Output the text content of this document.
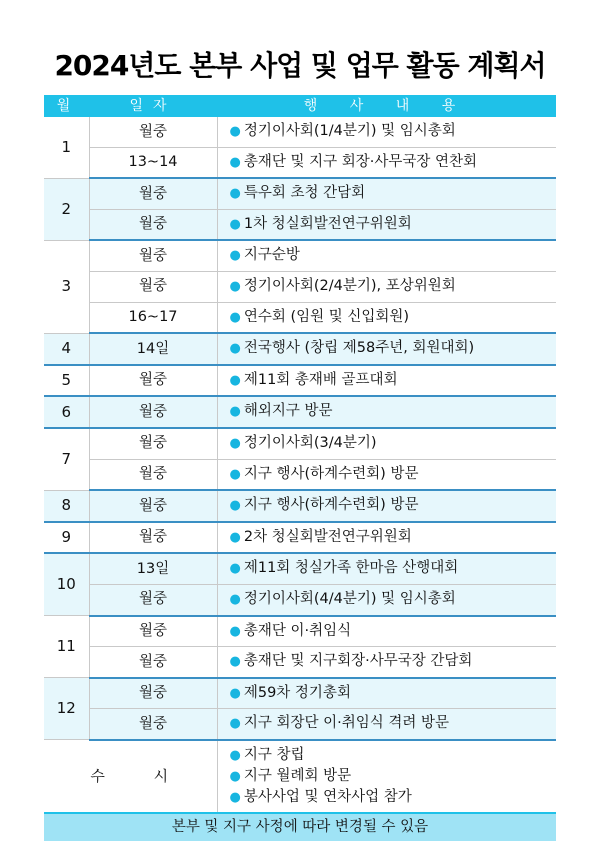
2024년도 본부 사업 및 업무 활동 계획서
월	일자	행 사 내 용
1	월중	● 정기이사회(1/4분기) 및 임시총회
	13~14	● 총재단 및 지구 회장·사무국장 연찬회
2	월중	● 특우회 초청 간담회
	월중	● 1차 청실회발전연구위원회
3	월중	● 지구순방
	월중	● 정기이사회(2/4분기), 포상위원회
	16~17	● 연수회 (임원 및 신입회원)
4	14일	● 전국행사 (창립 제58주년, 회원대회)
5	월중	● 제11회 총재배 골프대회
6	월중	● 해외지구 방문
7	월중	● 정기이사회(3/4분기)
	월중	● 지구 행사(하계수련회) 방문
8	월중	● 지구 행사(하계수련회) 방문
9	월중	● 2차 청실회발전연구위원회
10	13일	● 제11회 청실가족 한마음 산행대회
	월중	● 정기이사회(4/4분기) 및 임시총회
11	월중	● 총재단 이·취임식
	월중	● 총재단 및 지구회장·사무국장 간담회
12	월중	● 제59차 정기총회
	월중	● 지구 회장단 이·취임식 격려 방문
수 시		● 지구 창립
● 지구 월례회 방문
● 봉사사업 및 연차사업 참가

본부 및 지구 사정에 따라 변경될 수 있음		
